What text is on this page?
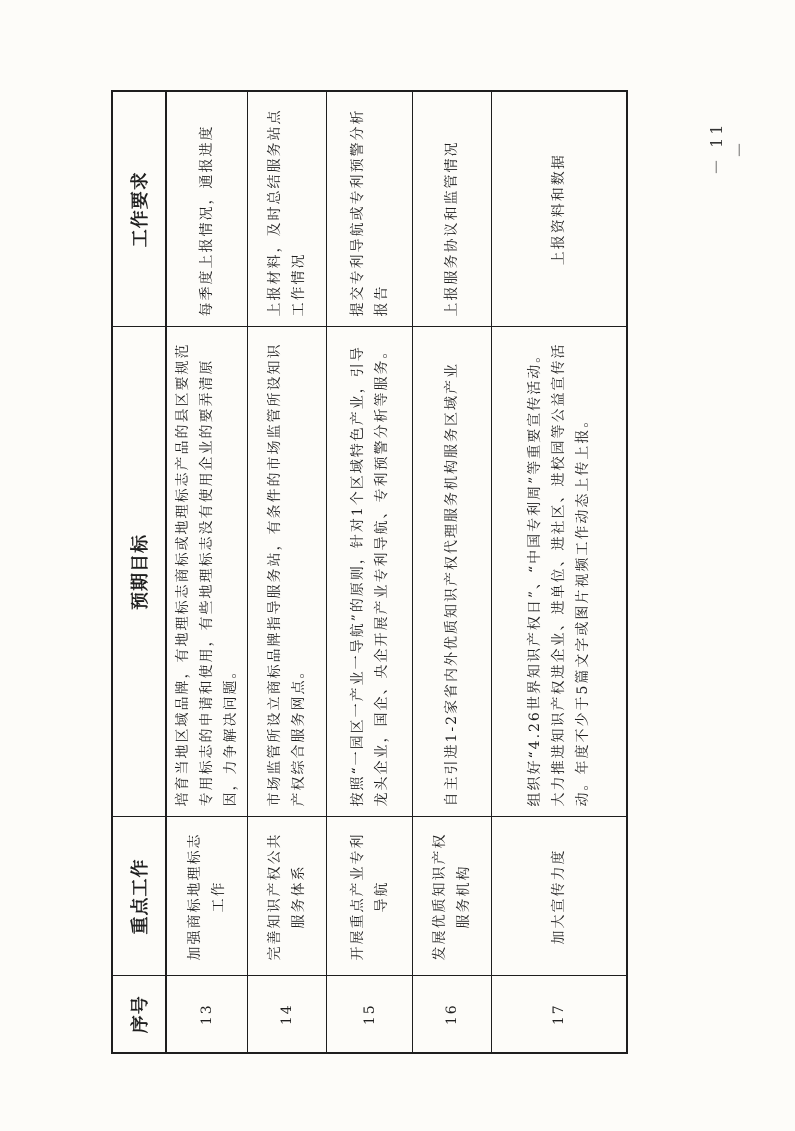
序号	重点工作	预期目标	工作要求
13	加强商标地理标志工作	培育当地区域品牌，有地理标志商标或地理标志产品的县区要规范专用标志的申请和使用，有些地理标志没有使用企业的要弄清原因，力争解决问题。	每季度上报情况，通报进度
14	完善知识产权公共服务体系	市场监管所设立商标品牌指导服务站，有条件的市场监管所设知识产权综合服务网点。	上报材料，及时总结服务站点工作情况
15	开展重点产业专利导航	按照“一园区一产业一导航”的原则，针对1个区域特色产业，引导龙头企业，国企、央企开展产业专利导航、专利预警分析等服务。	提交专利导航或专利预警分析报告
16	发展优质知识产权服务机构	自主引进1-2家省内外优质知识产权代理服务机构服务区域产业	上报服务协议和监管情况
17	加大宣传力度	组织好“4.26世界知识产权日”、“中国专利周”等重要宣传活动。大力推进知识产权进企业、进单位、进社区、进校园等公益宣传活动。年度不少于5篇文字或图片视频工作动态上传上报。	上报资料和数据
－ 11 －
